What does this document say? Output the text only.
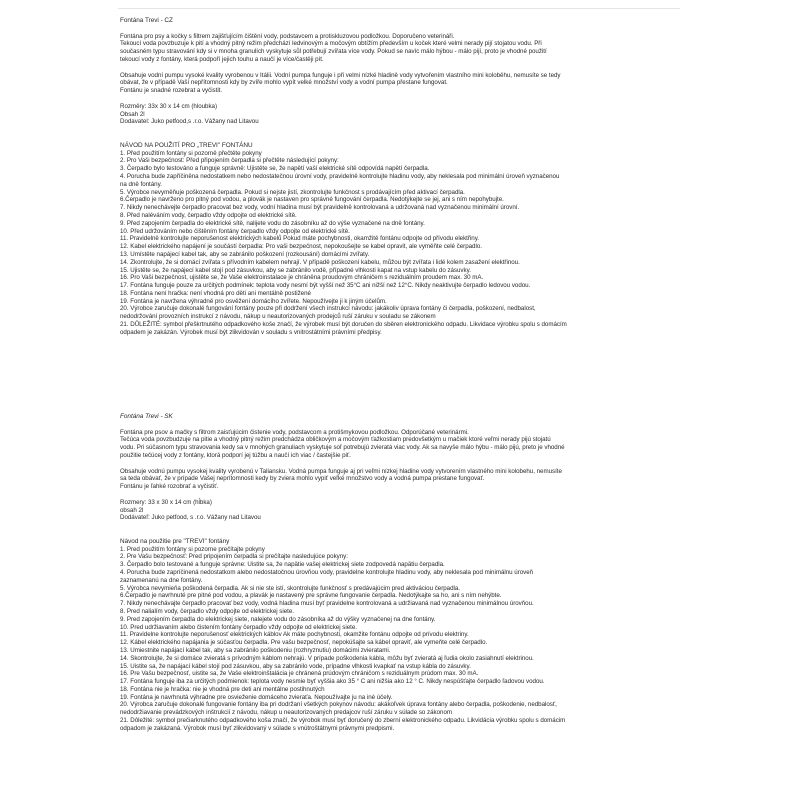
Fontána Trevi - CZ
Fontána pro psy a kočky s filtrem zajišťujícím čištění vody, podstavcem a protiskluzovou podložkou. Doporučeno veterináři.
Tekoucí voda povzbuzuje k pití a vhodný pitný režim předchází ledvinovým a močovým obtížím především u koček které velmi nerady pijí stojatou vodu. Při
současném typu stravování kdy si v mnoha granulích vyskytuje sůl potřebují zvířata více vody. Pokud se navíc málo hýbou - málo pijí, proto je vhodné použití
tekoucí vody z fontány, která podpoří jejich touhu a naučí je více/častěji pít.
Obsahuje vodní pumpu vysoké kvality vyrobenou v Itálii. Vodní pumpa funguje i při velmi nízké hladině vody vytvořením vlastního mini koloběhu, nemusíte se tedy
obávat, že v případě Vaší nepřítomnosti kdy by zvíře mohlo vypít velké množství vody a vodní pumpa přestane fungovat.
Fontánu je snadné rozebrat a vyčistit.
Rozměry: 33x 30 x 14 cm (hloubka)
Obsah 2l
Dodavatel: Juko petfood,s .r.o. Vážany nad Litavou
NÁVOD NA POUŽITÍ PRO „TREVI" FONTÁNU
1. Před použitím fontány si pozorně přečtěte pokyny
2. Pro Vaši bezpečnost: Před připojením čerpadla si přečtěte následující pokyny:
3. Čerpadlo bylo testováno a funguje správně: Ujistěte se, že napětí vaší elektrické sítě odpovídá napětí čerpadla.
4. Porucha bude zapříčiněna nedostatkem nebo nedostatečnou úrovní vody, pravidelně kontrolujte hladinu vody, aby neklesala pod minimální úroveň vyznačenou
na dně fontány.
5. Výrobce nevyměňuje poškozená čerpadla. Pokud si nejste jistí, zkontrolujte funkčnost s prodávajícím před aktivací čerpadla.
6.Čerpadlo je navrženo pro pitný pod vodou, a plovák je nastaven pro správné fungování čerpadla. Nedotýkejte se jej, ani s ním nepohybujte.
7. Nikdy nenechávejte čerpadlo pracovat bez vody, vodní hladina musí být pravidelně kontrolovaná a udržovaná nad vyznačenou minimální úrovní.
8. Před naléváním vody, čerpadlo vždy odpojte od elektrické sítě.
9. Před zapojením čerpadla do elektrické sítě, nalijete vodu do zásobníku až do výše vyznačené na dně fontány.
10. Před udržováním nebo čištěním fontány čerpadlo vždy odpojte od elektrické sítě.
11. Pravidelně kontrolujte neporušenost elektrických kabelů Pokud máte pochybnosti, okamžitě fontánu odpojte od přívodu elektřiny.
12. Kabel elektrického napájení je součástí čerpadla: Pro vaši bezpečnost, nepokoušejte se kabel opravit, ale vyměňte celé čerpadlo.
13. Umístěte napájecí kabel tak, aby se zabránilo poškození (rozkousání) domácími zvířaty.
14. Zkontrolujte, že si domácí zvířata s přívodním kabelem nehrají. V případě poškození kabelu, můžou být zvířata i lidé kolem zasažení elektřinou.
15. Ujistěte se, že napájecí kabel stojí pod zásuvkou, aby se zabránilo vodě, případné vlhkosti kapat na vstup kabelu do zásuvky.
16. Pro Vaši bezpečnost, ujistěte se, že Vaše elektroinstalace je chráněna proudovým chráničem s reziduálním proudem max. 30 mA.
17. Fontána funguje pouze za určitých podmínek: teplota vody nesmí být vyšší než 35°C ani nižší než 12°C. Nikdy neaktivujte čerpadlo ledovou vodou.
18. Fontána není hračka: není vhodná pro děti ani mentálně postižené
19. Fontána je navržena výhradně pro osvěžení domácího zvířete. Nepoužívejte ji k jiným účelům.
20. Výrobce zaručuje dokonalé fungování fontány pouze při dodržení všech instrukcí návodu: jakákoliv úprava fontány či čerpadla, poškození, nedbalost,
nedodržování provozních instrukcí z návodu, nákup u neautorizovaných prodejců ruší záruku v souladu se zákonem
21. DŮLEŽITÉ: symbol přeškrtnutého odpadkového koše značí, že výrobek musí být doručen do sběren elektronického odpadu. Likvidace výrobku spolu s domácím
odpadem je zakázán. Výrobek musí být zlikvidován v souladu s vnitrostátními právními předpisy.
Fontána Trevi - SK
Fontána pre psov a mačky s filtrom zaisťujúcim čistenie vody, podstavcom a protišmykovou podložkou. Odporúčané veterinármi.
Tečúca voda povzbudzuje na pitie a vhodný pitný režim predchádza obličkovým a močovým ťažkostiam predovšetkým u mačiek ktoré veľmi nerady pijú stojatú
vodu. Pri súčasnom typu stravovania kedy sa v mnohých granuliach vyskytuje soľ potrebujú zvieratá viac vody. Ak sa navyše málo hýbu - málo pijú, preto je vhodné
použitie tečúcej vody z fontány, ktorá podporí jej túžbu a naučí ich viac / častejšie piť.
Obsahuje vodnú pumpu vysokej kvality vyrobenú v Taliansku. Vodná pumpa funguje aj pri veľmi nízkej hladine vody vytvorením vlastného mini kolobehu, nemusíte
sa teda obávať, že v prípade Vašej neprítomnosti kedy by zviera mohlo vypiť veľké množstvo vody a vodná pumpa prestane fungovať.
Fontánu je ľahké rozobrať a vyčistiť.
Rozmery: 33 x 30 x 14 cm (hĺbka)
obsah 2l
Dodávateľ: Juko petfood, s .r.o. Vážany nad Litavou
Návod na použitie pre "TREVI" fontány
1. Pred použitím fontány si pozorne prečítajte pokyny
2. Pre Vašu bezpečnosť: Pred pripojením čerpadla si prečítajte nasledujúce pokyny:
3. Čerpadlo bolo testované a funguje správne: Uistite sa, že napätie vašej elektrickej siete zodpovedá napätiu čerpadla.
4. Porucha bude zapríčinená nedostatkom alebo nedostatočnou úrovňou vody, pravidelne kontrolujte hladinu vody, aby neklesala pod minimálnu úroveň
zaznamenanú na dne fontány.
5. Výrobca nevymieňa poškodená čerpadla. Ak si nie ste istí, skontrolujte funkčnosť s predávajúcim pred aktiváciou čerpadla.
6.Čerpadlo je navrhnuté pre pitné pod vodou, a plavák je nastavený pre správne fungovanie čerpadla. Nedotýkajte sa ho, ani s ním nehýbte.
7. Nikdy nenechávajte čerpadlo pracovať bez vody, vodná hladina musí byť pravidelne kontrolovaná a udržiavaná nad vyznačenou minimálnou úrovňou.
8. Pred nalialím vody, čerpadlo vždy odpojte od elektrickej siete.
9. Pred zapojením čerpadla do elektrickej siete, nalejete vodu do zásobníka až do výšky vyznačenej na dne fontány.
10. Pred udržiavaním alebo čistením fontány čerpadlo vždy odpojte od elektrickej siete.
11. Pravidelne kontrolujte neporušenosť elektrických káblov Ak máte pochybnosti, okamžite fontánu odpojte od prívodu elektriny.
12. Kábel elektrického napájania je súčasťou čerpadla. Pre vašu bezpečnosť, nepokúšajte sa kábel opraviť, ale vymeňte celé čerpadlo.
13. Umiestnite napájací kábel tak, aby sa zabránilo poškodeniu (rozhryznutiu) domácimi zvieratami.
14. Skontrolujte, že si domáce zvieratá s prívodným káblom nehrajú. V prípade poškodenia kábla, môžu byť zvieratá aj ľudia okolo zasiahnutí elektrinou.
15. Uistite sa, že napájací kábel stojí pod zásuvkou, aby sa zabránilo vode, prípadne vlhkosti kvapkať na vstup kábla do zásuvky.
16. Pre Vašu bezpečnosť, uistite sa, že Vaše elektroinštalácia je chránená prúdovým chráničom s reziduálnym prúdom max. 30 mA.
17. Fontána funguje iba za určitých podmienok: teplota vody nesmie byť vyššia ako 35 ° C ani nižšia ako 12 ° C. Nikdy nespúšťajte čerpadlo ľadovou vodou.
18. Fontána nie je hračka: nie je vhodná pre deti ani mentálne postihnutých
19. Fontána je navrhnutá výhradne pre osvieženie domáceho zvieraťa. Nepoužívajte ju na iné účely.
20. Výrobca zaručuje dokonalé fungovanie fontány iba pri dodržaní všetkých pokynov návodu: akákoľvek úprava fontány alebo čerpadla, poškodenie, nedbalosť,
nedodržiavanie prevádzkových inštrukcií z návodu, nákup u neautorizovaných predajcov ruší záruku v súlade so zákonom
21. Dôležité: symbol prečiarknutého odpadkového koša značí, že výrobok musí byť doručený do zberní elektronického odpadu. Likvidácia výrobku spolu s domácim
odpadom je zakázaná. Výrobok musí byť zlikvidovaný v súlade s vnútroštátnymi právnymi predpismi.
